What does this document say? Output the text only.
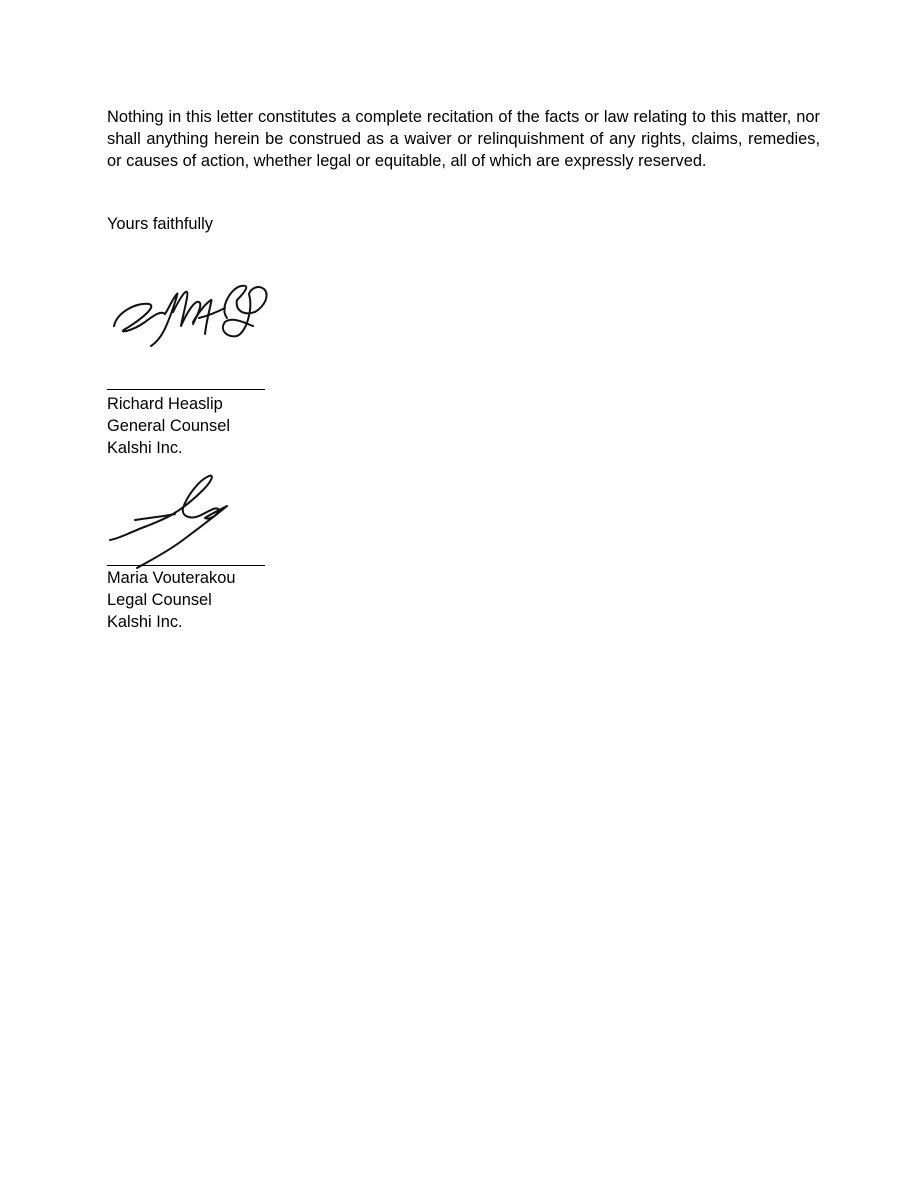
Nothing in this letter constitutes a complete recitation of the facts or law relating to this matter, nor shall anything herein be construed as a waiver or relinquishment of any rights, claims, remedies, or causes of action, whether legal or equitable, all of which are expressly reserved.

Yours faithfully

Richard Heaslip
General Counsel
Kalshi Inc.
Maria Vouterakou
Legal Counsel
Kalshi Inc.
